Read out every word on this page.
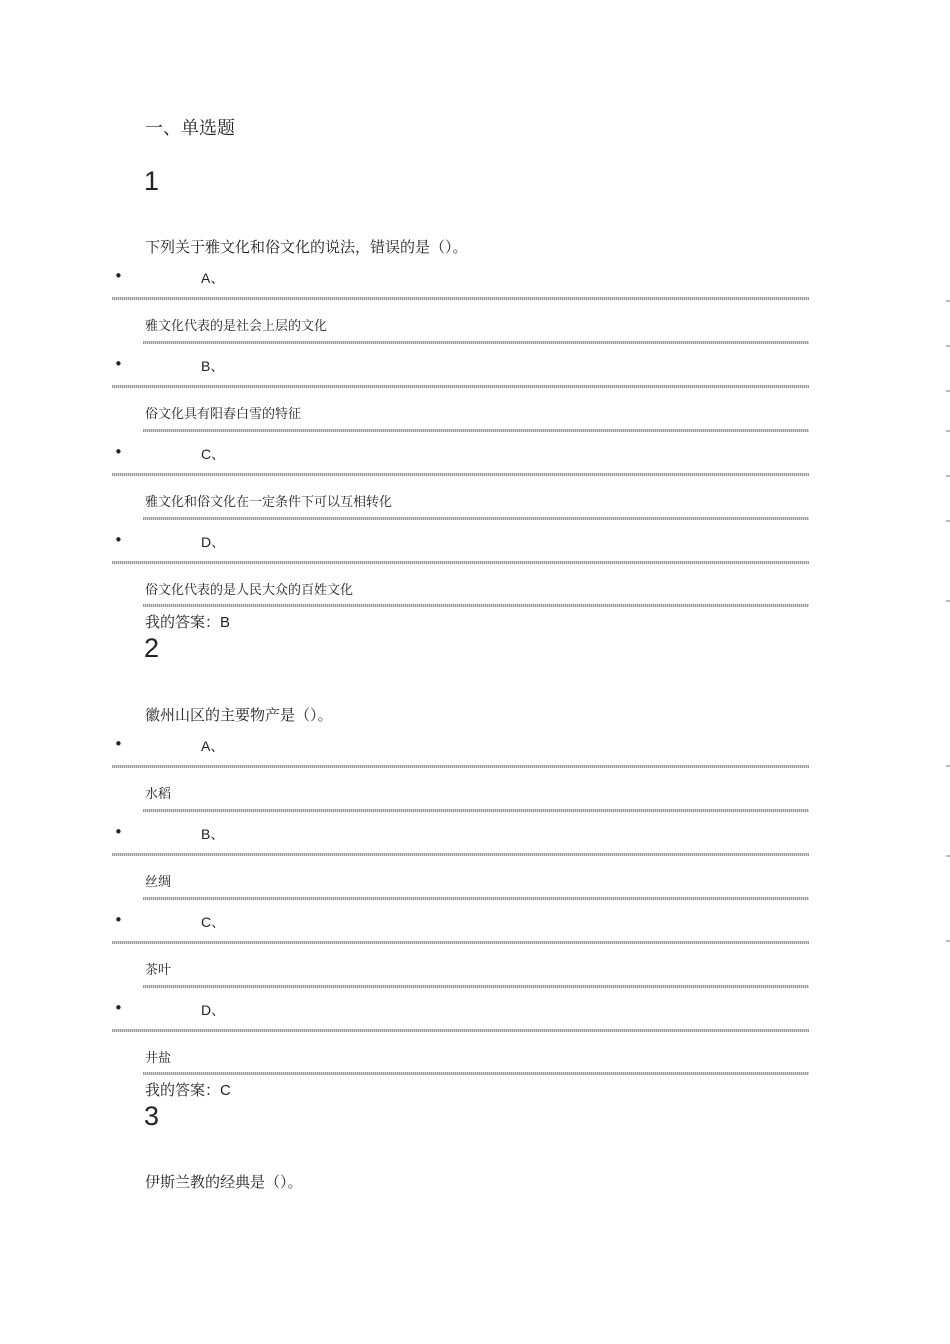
一、单选题
1
下列关于雅文化和俗文化的说法，错误的是（）。
•	A、
雅文化代表的是社会上层的文化
•	B、
俗文化具有阳春白雪的特征
•	C、
雅文化和俗文化在一定条件下可以互相转化
•	D、
俗文化代表的是人民大众的百姓文化
我的答案：B
2
徽州山区的主要物产是（）。
•	A、
水稻
•	B、
丝绸
•	C、
茶叶
•	D、
井盐
我的答案：C
3
伊斯兰教的经典是（）。
